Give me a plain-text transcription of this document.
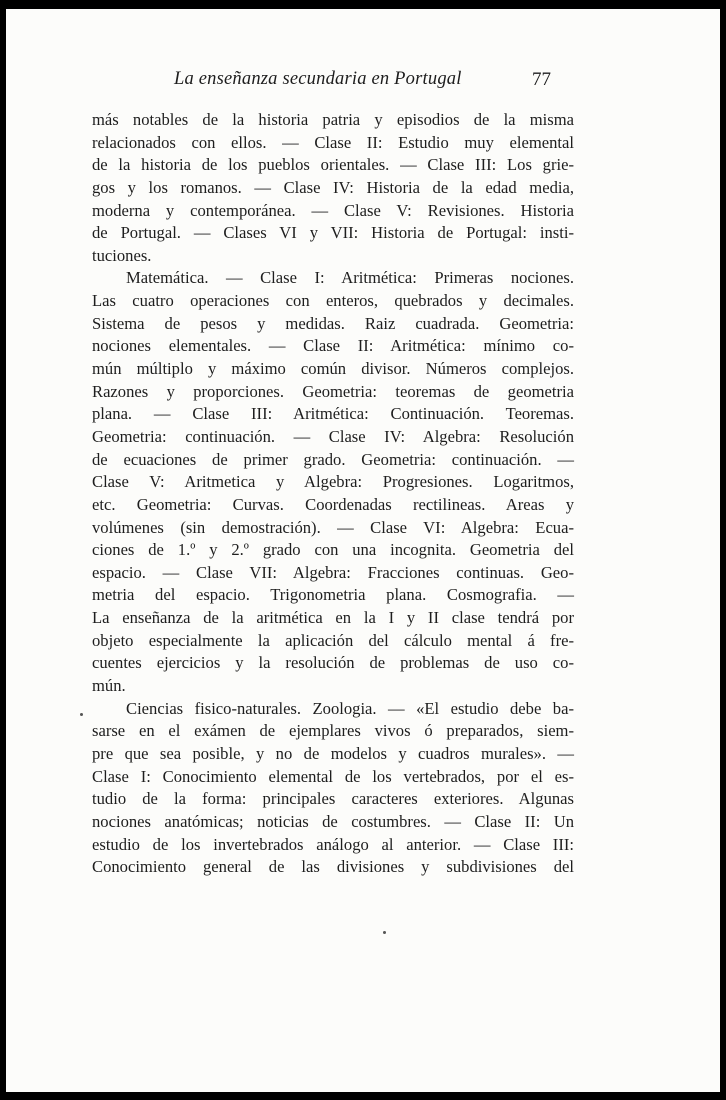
La enseñanza secundaria en Portugal	77
más notables de la historia patria y episodios de la misma
relacionados con ellos. — Clase II: Estudio muy elemental
de la historia de los pueblos orientales. — Clase III: Los grie-
gos y los romanos. — Clase IV: Historia de la edad media,
moderna y contemporánea. — Clase V: Revisiones. Historia
de Portugal. — Clases VI y VII: Historia de Portugal: insti-
tuciones.
Matemática. — Clase I: Aritmética: Primeras nociones.
Las cuatro operaciones con enteros, quebrados y decimales.
Sistema de pesos y medidas. Raiz cuadrada. Geometria:
nociones elementales. — Clase II: Aritmética: mínimo co-
mún múltiplo y máximo común divisor. Números complejos.
Razones y proporciones. Geometria: teoremas de geometria
plana. — Clase III: Aritmética: Continuación. Teoremas.
Geometria: continuación. — Clase IV: Algebra: Resolución
de ecuaciones de primer grado. Geometria: continuación. —
Clase V: Aritmetica y Algebra: Progresiones. Logaritmos,
etc. Geometria: Curvas. Coordenadas rectilineas. Areas y
volúmenes (sin demostración). — Clase VI: Algebra: Ecua-
ciones de 1.º y 2.º grado con una incognita. Geometria del
espacio. — Clase VII: Algebra: Fracciones continuas. Geo-
metria del espacio. Trigonometria plana. Cosmografia. —
La enseñanza de la aritmética en la I y II clase tendrá por
objeto especialmente la aplicación del cálculo mental á fre-
cuentes ejercicios y la resolución de problemas de uso co-
mún.
Ciencias fisico-naturales. Zoologia. — «El estudio debe ba-
sarse en el exámen de ejemplares vivos ó preparados, siem-
pre que sea posible, y no de modelos y cuadros murales». —
Clase I: Conocimiento elemental de los vertebrados, por el es-
tudio de la forma: principales caracteres exteriores. Algunas
nociones anatómicas; noticias de costumbres. — Clase II: Un
estudio de los invertebrados análogo al anterior. — Clase III:
Conocimiento general de las divisiones y subdivisiones del
